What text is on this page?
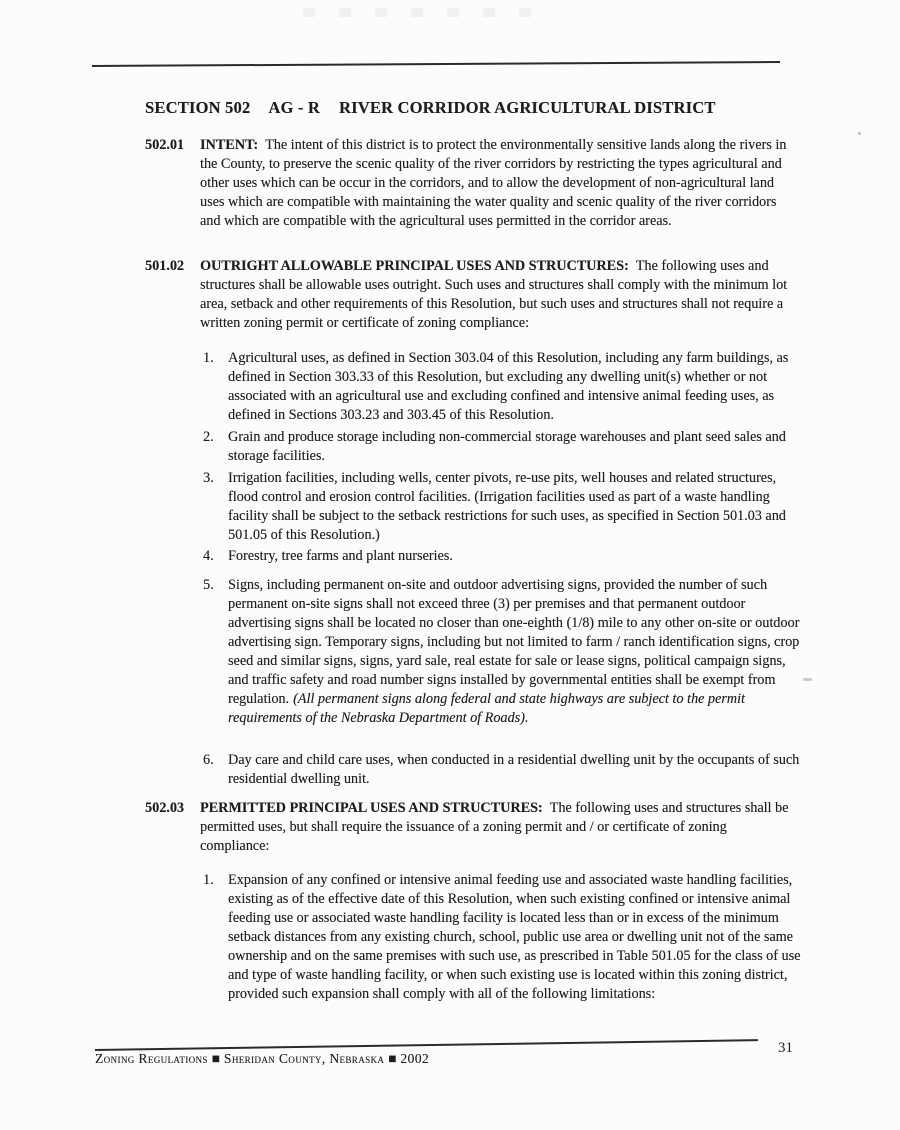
SECTION 502 AG - R RIVER CORRIDOR AGRICULTURAL DISTRICT
502.01	INTENT: The intent of this district is to protect the environmentally sensitive lands along the rivers in the County, to preserve the scenic quality of the river corridors by restricting the types agricultural and other uses which can be occur in the corridors, and to allow the development of non-agricultural land uses which are compatible with maintaining the water quality and scenic quality of the river corridors and which are compatible with the agricultural uses permitted in the corridor areas.
501.02	OUTRIGHT ALLOWABLE PRINCIPAL USES AND STRUCTURES: The following uses and structures shall be allowable uses outright. Such uses and structures shall comply with the minimum lot area, setback and other requirements of this Resolution, but such uses and structures shall not require a written zoning permit or certificate of zoning compliance:
1.	Agricultural uses, as defined in Section 303.04 of this Resolution, including any farm buildings, as defined in Section 303.33 of this Resolution, but excluding any dwelling unit(s) whether or not associated with an agricultural use and excluding confined and intensive animal feeding uses, as defined in Sections 303.23 and 303.45 of this Resolution.
2.	Grain and produce storage including non-commercial storage warehouses and plant seed sales and storage facilities.
3.	Irrigation facilities, including wells, center pivots, re-use pits, well houses and related structures, flood control and erosion control facilities. (Irrigation facilities used as part of a waste handling facility shall be subject to the setback restrictions for such uses, as specified in Section 501.03 and 501.05 of this Resolution.)
4.	Forestry, tree farms and plant nurseries.
5.	Signs, including permanent on-site and outdoor advertising signs, provided the number of such permanent on-site signs shall not exceed three (3) per premises and that permanent outdoor advertising signs shall be located no closer than one-eighth (1/8) mile to any other on-site or outdoor advertising sign. Temporary signs, including but not limited to farm / ranch identification signs, crop seed and similar signs, signs, yard sale, real estate for sale or lease signs, political campaign signs, and traffic safety and road number signs installed by governmental entities shall be exempt from regulation. (All permanent signs along federal and state highways are subject to the permit requirements of the Nebraska Department of Roads).
6.	Day care and child care uses, when conducted in a residential dwelling unit by the occupants of such residential dwelling unit.
502.03	PERMITTED PRINCIPAL USES AND STRUCTURES: The following uses and structures shall be permitted uses, but shall require the issuance of a zoning permit and / or certificate of zoning compliance:
1.	Expansion of any confined or intensive animal feeding use and associated waste handling facilities, existing as of the effective date of this Resolution, when such existing confined or intensive animal feeding use or associated waste handling facility is located less than or in excess of the minimum setback distances from any existing church, school, public use area or dwelling unit not of the same ownership and on the same premises with such use, as prescribed in Table 501.05 for the class of use and type of waste handling facility, or when such existing use is located within this zoning district, provided such expansion shall comply with all of the following limitations:
Zoning Regulations ■ Sheridan County, Nebraska ■ 2002
31
